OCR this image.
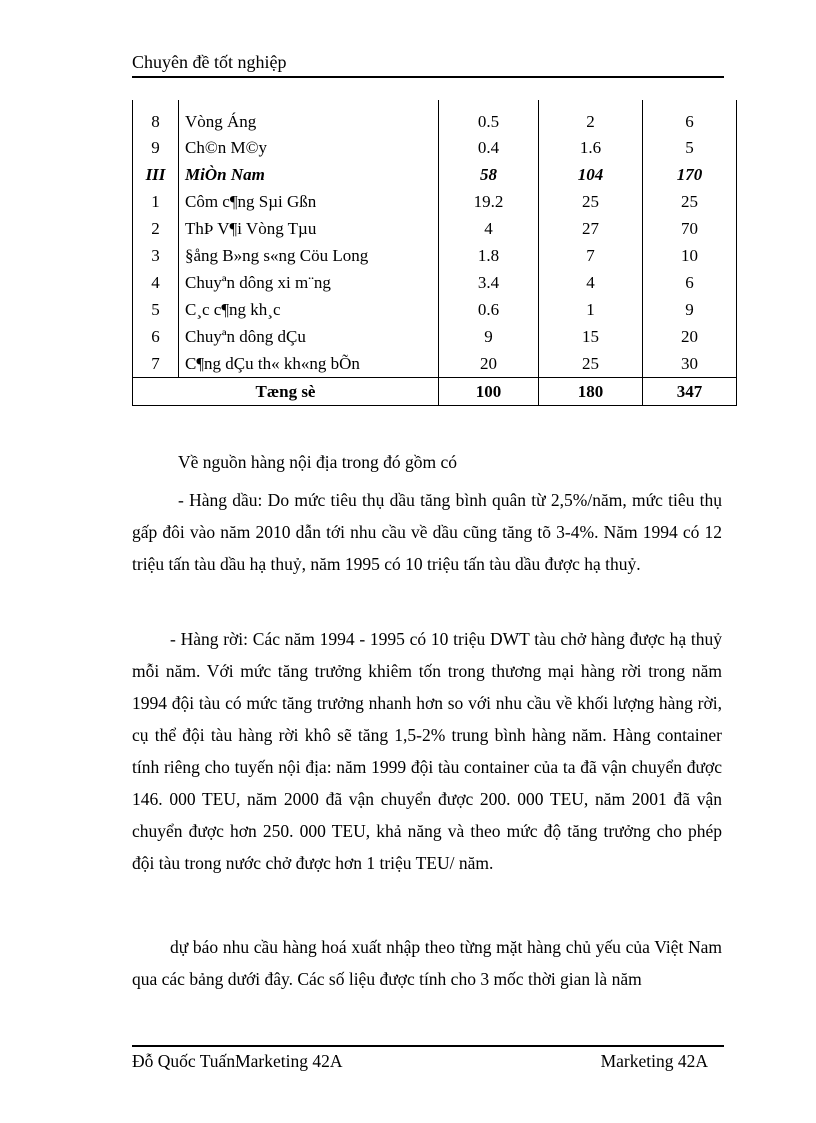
Chuyên đề tốt nghiệp
8	Vòng Áng	0.5	2	6
9	Ch©n M©y	0.4	1.6	5
III	MiÒn Nam	58	104	170
1	Côm c¶ng Sµi Gßn	19.2	25	25
2	ThÞ V¶i Vòng Tµu	4	27	70
3	§ång B»ng s«ng Cöu Long	1.8	7	10
4	Chuyªn dông xi m¨ng	3.4	4	6
5	C¸c c¶ng kh¸c	0.6	1	9
6	Chuyªn dông dÇu	9	15	20
7	C¶ng dÇu th« kh«ng bÕn	20	25	30
Tæng sè		100	180	347
Về nguồn hàng nội địa trong đó gồm có
- Hàng dầu: Do mức tiêu thụ dầu tăng bình quân từ 2,5%/năm, mức tiêu thụ gấp đôi vào năm 2010 dẫn tới nhu cầu về dầu cũng tăng tõ 3-4%. Năm 1994 có 12 triệu tấn tàu dầu hạ thuỷ, năm 1995 có 10 triệu tấn tàu dầu được hạ thuỷ.
- Hàng rời: Các năm 1994 - 1995 có 10 triệu DWT tàu chở hàng được hạ thuỷ mỗi năm. Với mức tăng trưởng khiêm tốn trong thương mại hàng rời trong năm 1994 đội tàu có mức tăng trưởng nhanh hơn so với nhu cầu về khối lượng hàng rời, cụ thể đội tàu hàng rời khô sẽ tăng 1,5-2% trung bình hàng năm. Hàng container tính riêng cho tuyến nội địa: năm 1999 đội tàu container của ta đã vận chuyển được 146. 000 TEU, năm 2000 đã vận chuyển được 200. 000 TEU, năm 2001 đã vận chuyển được hơn 250. 000 TEU, khả năng và theo mức độ tăng trưởng cho phép đội tàu trong nước chở được hơn 1 triệu TEU/ năm.
dự báo nhu cầu hàng hoá xuất nhập theo từng mặt hàng chủ yếu của Việt Nam qua các bảng dưới đây. Các số liệu được tính cho 3 mốc thời gian là năm
Đỗ Quốc TuấnMarketing 42A	Marketing 42A
